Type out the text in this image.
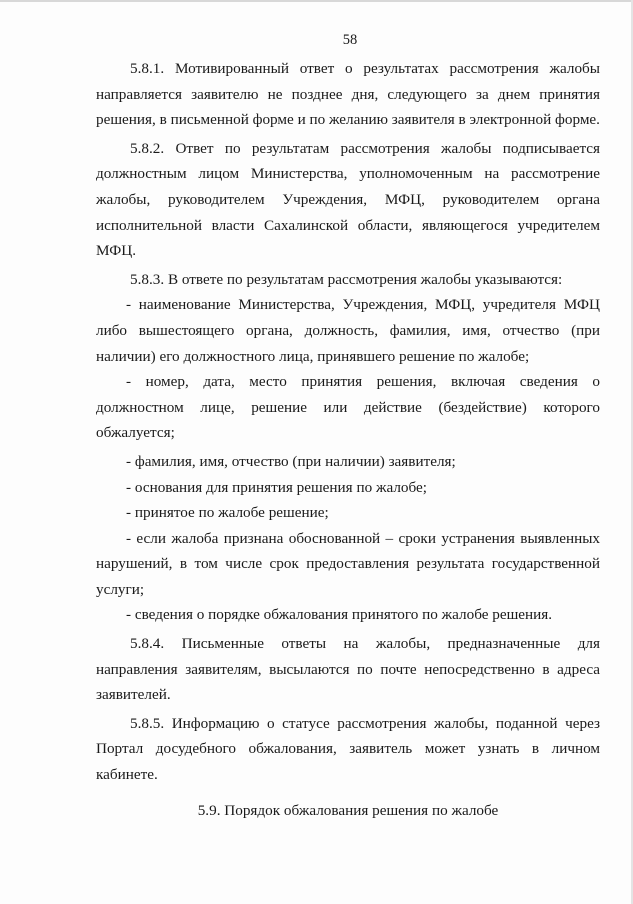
58

5.8.1. Мотивированный ответ о результатах рассмотрения жалобы направляется заявителю не позднее дня, следующего за днем принятия решения, в письменной форме и по желанию заявителя в электронной форме.

5.8.2. Ответ по результатам рассмотрения жалобы подписывается должностным лицом Министерства, уполномоченным на рассмотрение жалобы, руководителем Учреждения, МФЦ, руководителем органа исполнительной власти Сахалинской области, являющегося учредителем МФЦ.

5.8.3. В ответе по результатам рассмотрения жалобы указываются:

- наименование Министерства, Учреждения, МФЦ, учредителя МФЦ либо вышестоящего органа, должность, фамилия, имя, отчество (при наличии) его должностного лица, принявшего решение по жалобе;

- номер, дата, место принятия решения, включая сведения о должностном лице, решение или действие (бездействие) которого обжалуется;

- фамилия, имя, отчество (при наличии) заявителя;

- основания для принятия решения по жалобе;

- принятое по жалобе решение;

- если жалоба признана обоснованной – сроки устранения выявленных нарушений, в том числе срок предоставления результата государственной услуги;

- сведения о порядке обжалования принятого по жалобе решения.

5.8.4. Письменные ответы на жалобы, предназначенные для направления заявителям, высылаются по почте непосредственно в адреса заявителей.

5.8.5. Информацию о статусе рассмотрения жалобы, поданной через Портал досудебного обжалования, заявитель может узнать в личном кабинете.

5.9. Порядок обжалования решения по жалобе
